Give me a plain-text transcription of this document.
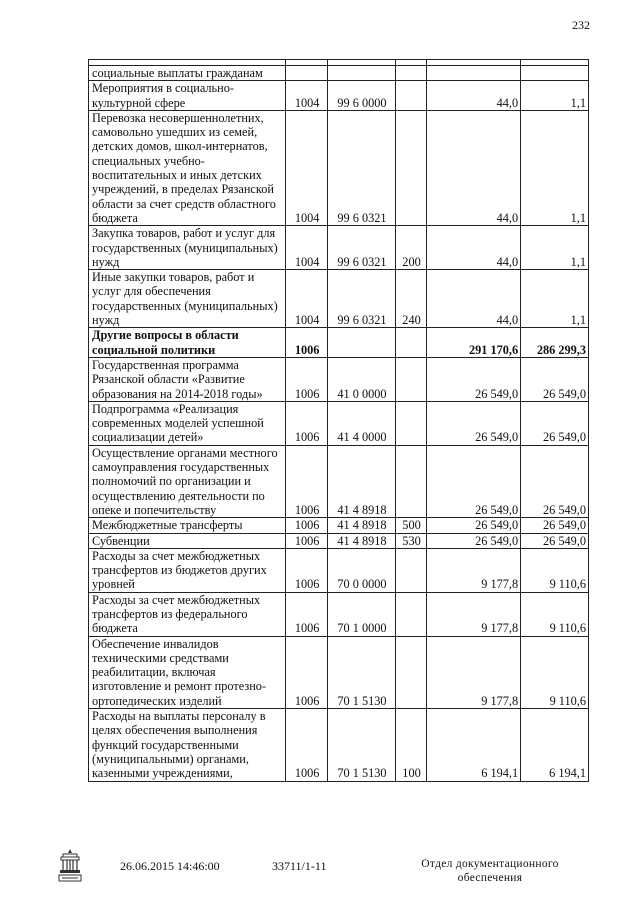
232

социальные выплаты гражданам					
Мероприятия в социально-культурной сфере	1004	99 6 0000		44,0	1,1
Перевозка несовершеннолетних, самовольно ушедших из семей, детских домов, школ-интернатов, специальных учебно-воспитательных и иных детских учреждений, в пределах Рязанской области за счет средств областного бюджета	1004	99 6 0321		44,0	1,1
Закупка товаров, работ и услуг для государственных (муниципальных) нужд	1004	99 6 0321	200	44,0	1,1
Иные закупки товаров, работ и услуг для обеспечения государственных (муниципальных) нужд	1004	99 6 0321	240	44,0	1,1
Другие вопросы в области социальной политики	1006			291 170,6	286 299,3
Государственная программа Рязанской области «Развитие образования на 2014-2018 годы»	1006	41 0 0000		26 549,0	26 549,0
Подпрограмма «Реализация современных моделей успешной социализации детей»	1006	41 4 0000		26 549,0	26 549,0
Осуществление органами местного самоуправления государственных полномочий по организации и осуществлению деятельности по опеке и попечительству	1006	41 4 8918		26 549,0	26 549,0
Межбюджетные трансферты	1006	41 4 8918	500	26 549,0	26 549,0
Субвенции	1006	41 4 8918	530	26 549,0	26 549,0
Расходы за счет межбюджетных трансфертов из бюджетов других уровней	1006	70 0 0000		9 177,8	9 110,6
Расходы за счет межбюджетных трансфертов из федерального бюджета	1006	70 1 0000		9 177,8	9 110,6
Обеспечение инвалидов техническими средствами реабилитации, включая изготовление и ремонт протезно-ортопедических изделий	1006	70 1 5130		9 177,8	9 110,6
Расходы на выплаты персоналу в целях обеспечения выполнения функций государственными (муниципальными) органами, казенными учреждениями,	1006	70 1 5130	100	6 194,1	6 194,1
26.06.2015 14:46:00	33711/1-11	Отдел документационного
обеспечения
